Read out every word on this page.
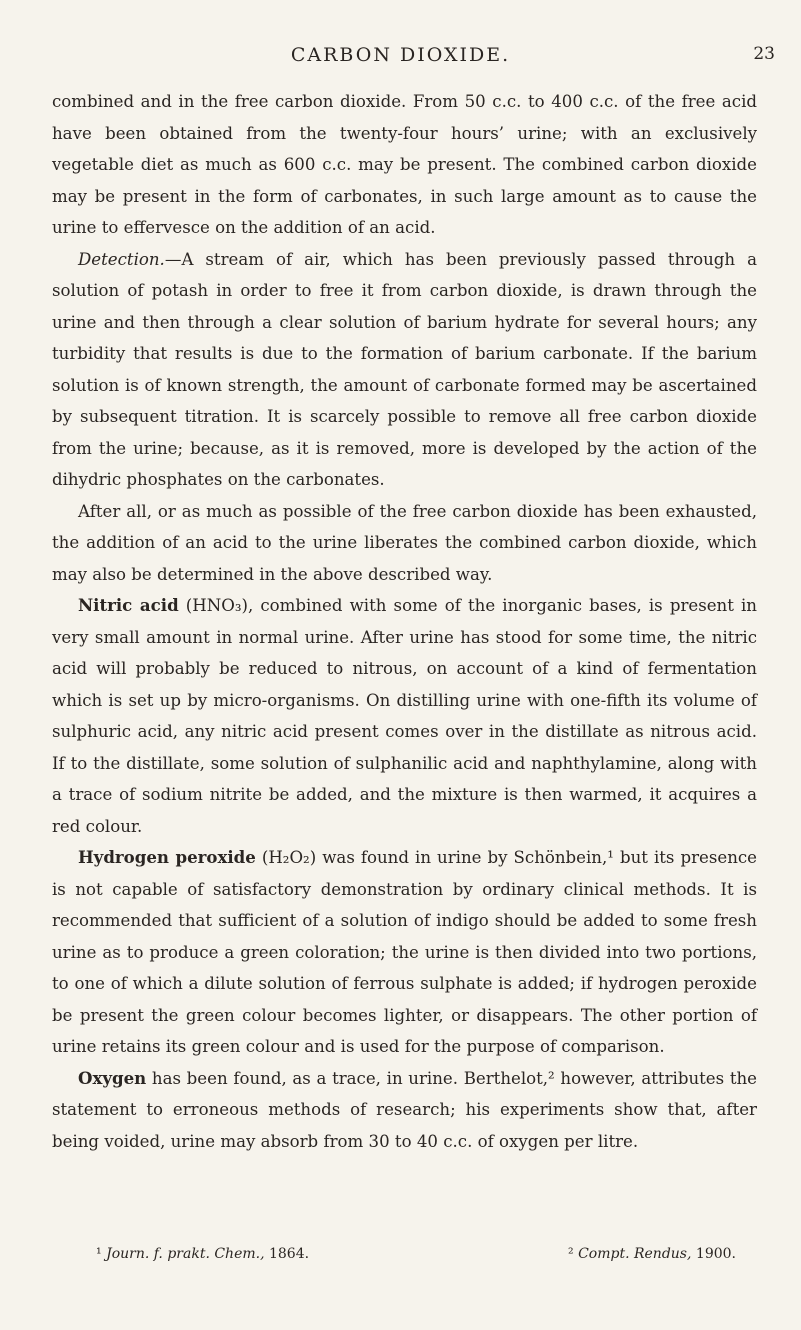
CARBON DIOXIDE.	23

combined and in the free carbon dioxide. From 50 c.c. to 400 c.c. of the free acid have been obtained from the twenty-four hours’ urine; with an exclusively vegetable diet as much as 600 c.c. may be present. The combined carbon dioxide may be present in the form of carbonates, in such large amount as to cause the urine to effervesce on the addition of an acid.

Detection.—A stream of air, which has been previously passed through a solution of potash in order to free it from carbon dioxide, is drawn through the urine and then through a clear solution of barium hydrate for several hours; any turbidity that results is due to the formation of barium carbonate. If the barium solution is of known strength, the amount of carbonate formed may be ascertained by subsequent titration. It is scarcely possible to remove all free carbon dioxide from the urine; because, as it is removed, more is developed by the action of the dihydric phosphates on the carbonates.

After all, or as much as possible of the free carbon dioxide has been exhausted, the addition of an acid to the urine liberates the combined carbon dioxide, which may also be determined in the above described way.

Nitric acid (HNO₃), combined with some of the inorganic bases, is present in very small amount in normal urine. After urine has stood for some time, the nitric acid will probably be reduced to nitrous, on account of a kind of fermentation which is set up by micro-organisms. On distilling urine with one-fifth its volume of sulphuric acid, any nitric acid present comes over in the distillate as nitrous acid. If to the distillate, some solution of sulphanilic acid and naphthylamine, along with a trace of sodium nitrite be added, and the mixture is then warmed, it acquires a red colour.

Hydrogen peroxide (H₂O₂) was found in urine by Schönbein,¹ but its presence is not capable of satisfactory demonstration by ordinary clinical methods. It is recommended that sufficient of a solution of indigo should be added to some fresh urine as to produce a green coloration; the urine is then divided into two portions, to one of which a dilute solution of ferrous sulphate is added; if hydrogen peroxide be present the green colour becomes lighter, or disappears. The other portion of urine retains its green colour and is used for the purpose of comparison.

Oxygen has been found, as a trace, in urine. Berthelot,² however, attributes the statement to erroneous methods of research; his experiments show that, after being voided, urine may absorb from 30 to 40 c.c. of oxygen per litre.

¹ Journ. f. prakt. Chem., 1864.	² Compt. Rendus, 1900.
